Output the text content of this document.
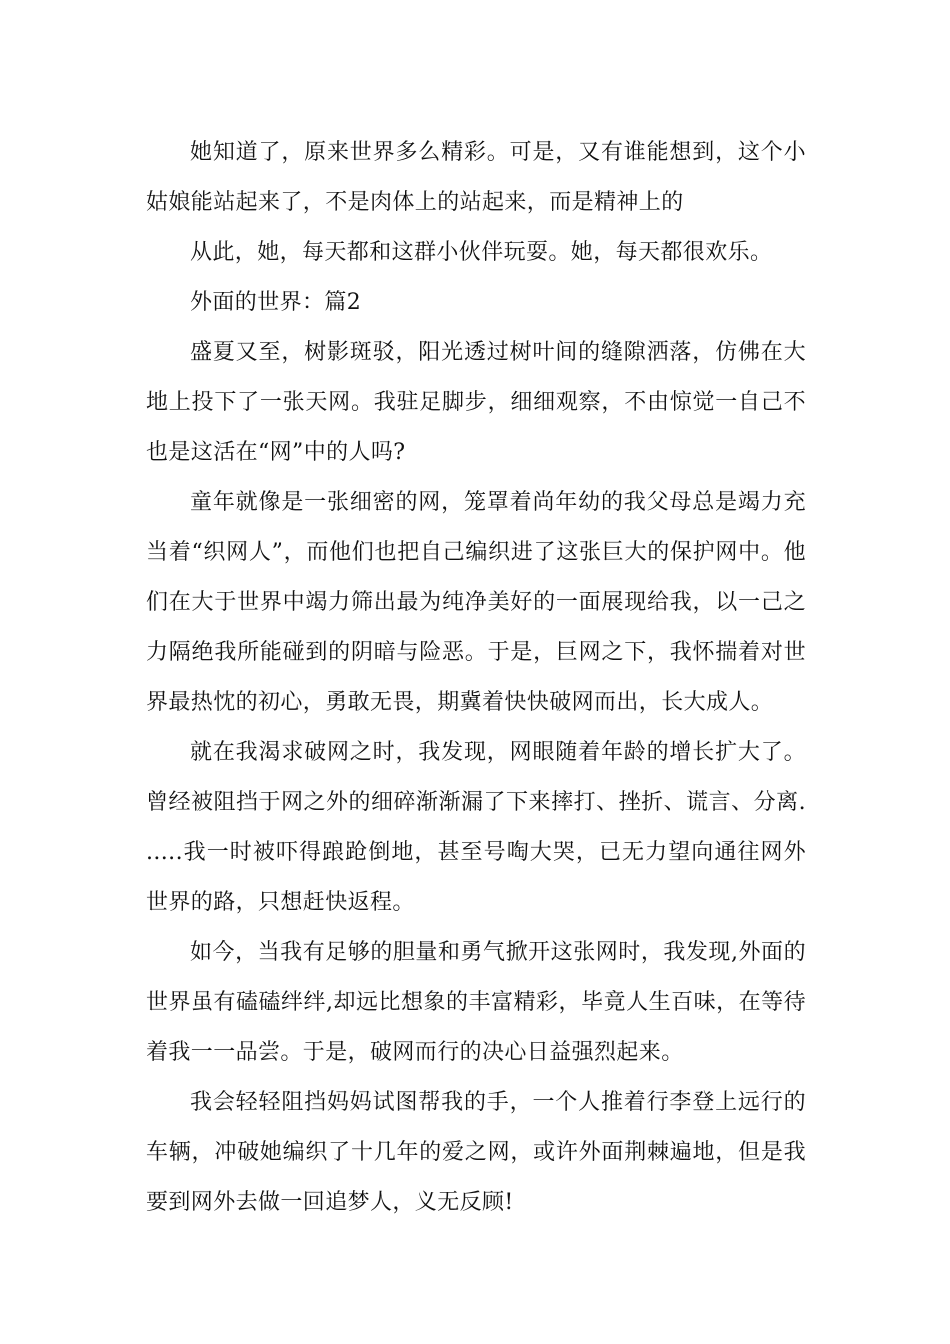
她知道了，原来世界多么精彩。可是，又有谁能想到，这个小姑娘能站起来了，不是肉体上的站起来，而是精神上的

从此，她，每天都和这群小伙伴玩耍。她，每天都很欢乐。

外面的世界：篇2

盛夏又至，树影斑驳，阳光透过树叶间的缝隙洒落，仿佛在大地上投下了一张天网。我驻足脚步，细细观察，不由惊觉一自己不也是这活在“网”中的人吗?

童年就像是一张细密的网，笼罩着尚年幼的我父母总是竭力充当着“织网人”，而他们也把自己编织进了这张巨大的保护网中。他们在大于世界中竭力筛出最为纯净美好的一面展现给我，以一己之力隔绝我所能碰到的阴暗与险恶。于是，巨网之下，我怀揣着对世界最热忱的初心，勇敢无畏，期冀着快快破网而出，长大成人。

就在我渴求破网之时，我发现，网眼随着年龄的增长扩大了。曾经被阻挡于网之外的细碎渐渐漏了下来摔打、挫折、谎言、分离......我一时被吓得踉跄倒地，甚至号啕大哭，已无力望向通往网外世界的路，只想赶快返程。

如今，当我有足够的胆量和勇气掀开这张网时，我发现,外面的世界虽有磕磕绊绊,却远比想象的丰富精彩，毕竟人生百味，在等待着我一一品尝。于是，破网而行的决心日益强烈起来。

我会轻轻阻挡妈妈试图帮我的手，一个人推着行李登上远行的车辆，冲破她编织了十几年的爱之网，或许外面荆棘遍地，但是我要到网外去做一回追梦人，义无反顾!
